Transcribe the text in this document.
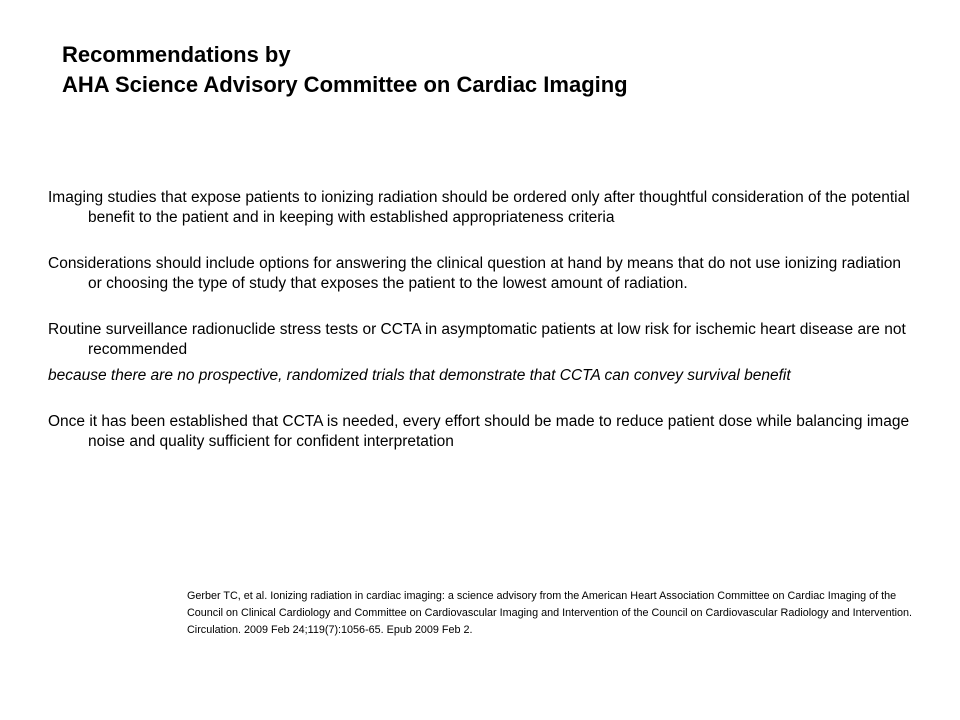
Recommendations by
AHA Science Advisory Committee on Cardiac Imaging

Imaging studies that expose patients to ionizing radiation should be ordered only after thoughtful consideration of the potential benefit to the patient and in keeping with established appropriateness criteria

Considerations should include options for answering the clinical question at hand by means that do not use ionizing radiation or choosing the type of study that exposes the patient to the lowest amount of radiation.

Routine surveillance radionuclide stress tests or CCTA in asymptomatic patients at low risk for ischemic heart disease are not recommended

because there are no prospective, randomized trials that demonstrate that CCTA can convey survival benefit

Once it has been established that CCTA is needed, every effort should be made to reduce patient dose while balancing image noise and quality sufficient for confident interpretation

Gerber TC, et al. Ionizing radiation in cardiac imaging: a science advisory from the American Heart Association Committee on Cardiac Imaging of the Council on Clinical Cardiology and Committee on Cardiovascular Imaging and Intervention of the Council on Cardiovascular Radiology and Intervention. Circulation. 2009 Feb 24;119(7):1056-65. Epub 2009 Feb 2.
